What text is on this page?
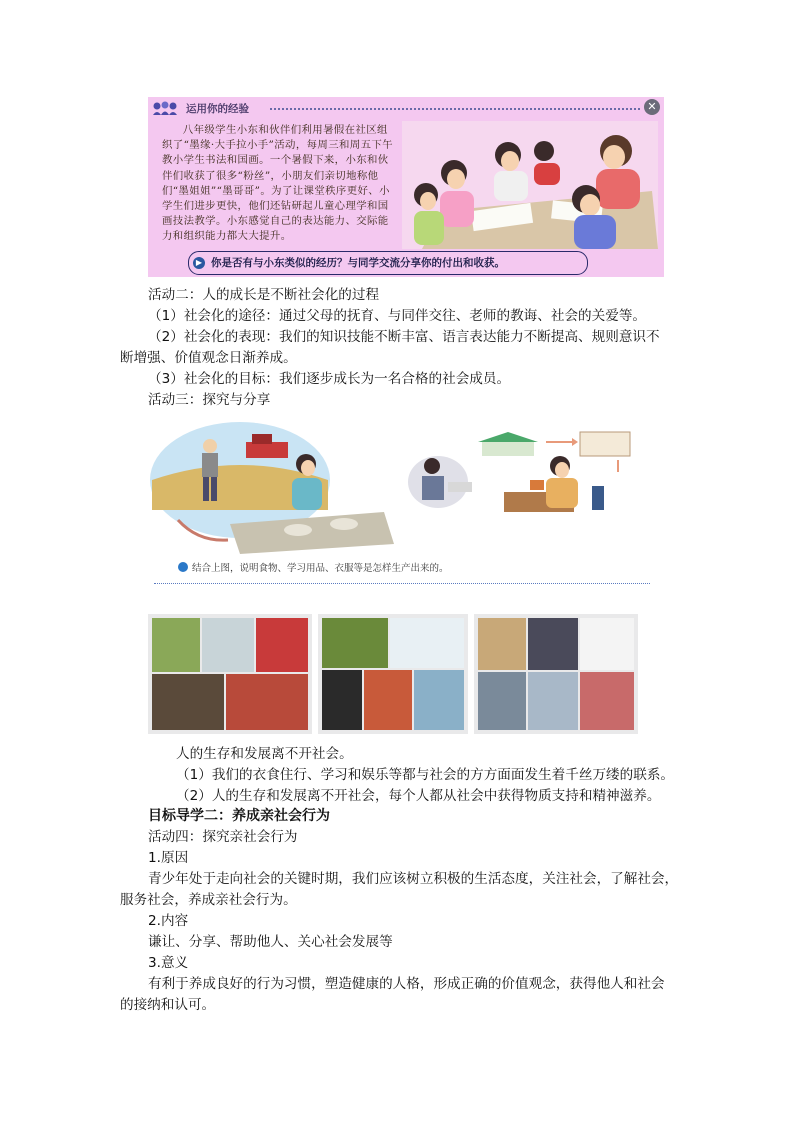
运用你的经验	✕
八年级学生小东和伙伴们利用暑假在社区组织了“墨缘·大手拉小手”活动，每周三和周五下午教小学生书法和国画。一个暑假下来，小东和伙伴们收获了很多“粉丝”，小朋友们亲切地称他们“墨姐姐”“墨哥哥”。为了让课堂秩序更好、小学生们进步更快，他们还钻研起儿童心理学和国画技法教学。小东感觉自己的表达能力、交际能力和组织能力都大大提升。
▶ 你是否有与小东类似的经历？与同学交流分享你的付出和收获。
活动二：人的成长是不断社会化的过程
（1）社会化的途径：通过父母的抚育、与同伴交往、老师的教诲、社会的关爱等。
（2）社会化的表现：我们的知识技能不断丰富、语言表达能力不断提高、规则意识不
断增强、价值观念日渐养成。
（3）社会化的目标：我们逐步成长为一名合格的社会成员。
活动三：探究与分享
结合上图，说明食物、学习用品、衣服等是怎样生产出来的。
人的生存和发展离不开社会。
（1）我们的衣食住行、学习和娱乐等都与社会的方方面面发生着千丝万缕的联系。
（2）人的生存和发展离不开社会，每个人都从社会中获得物质支持和精神滋养。
目标导学二：养成亲社会行为
活动四：探究亲社会行为
1.原因
青少年处于走向社会的关键时期，我们应该树立积极的生活态度，关注社会，了解社会，
服务社会，养成亲社会行为。
2.内容
谦让、分享、帮助他人、关心社会发展等
3.意义
有利于养成良好的行为习惯，塑造健康的人格，形成正确的价值观念，获得他人和社会
的接纳和认可。
